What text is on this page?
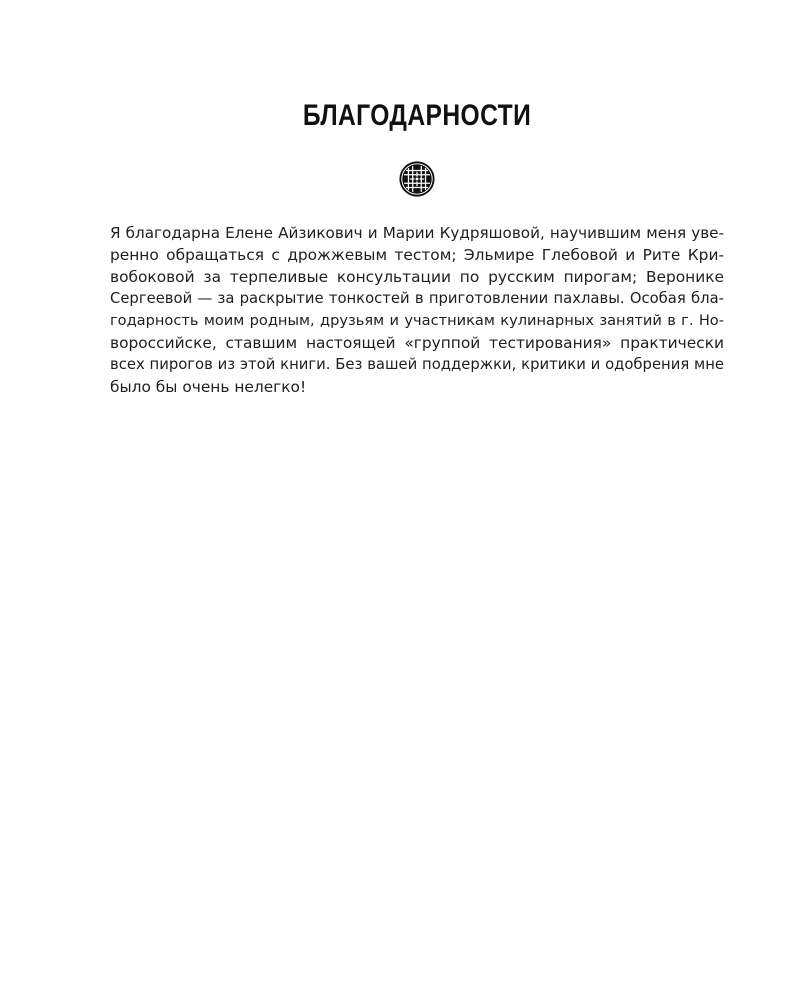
БЛАГОДАРНОСТИ

Я благодарна Елене Айзикович и Марии Кудряшовой, научившим меня уве-
ренно обращаться с дрожжевым тестом; Эльмире Глебовой и Рите Кри-
вобоковой за терпеливые консультации по русским пирогам; Веронике
Сергеевой — за раскрытие тонкостей в приготовлении пахлавы. Особая бла-
годарность моим родным, друзьям и участникам кулинарных занятий в г. Но-
вороссийске, ставшим настоящей «группой тестирования» практически
всех пирогов из этой книги. Без вашей поддержки, критики и одобрения мне
было бы очень нелегко!
